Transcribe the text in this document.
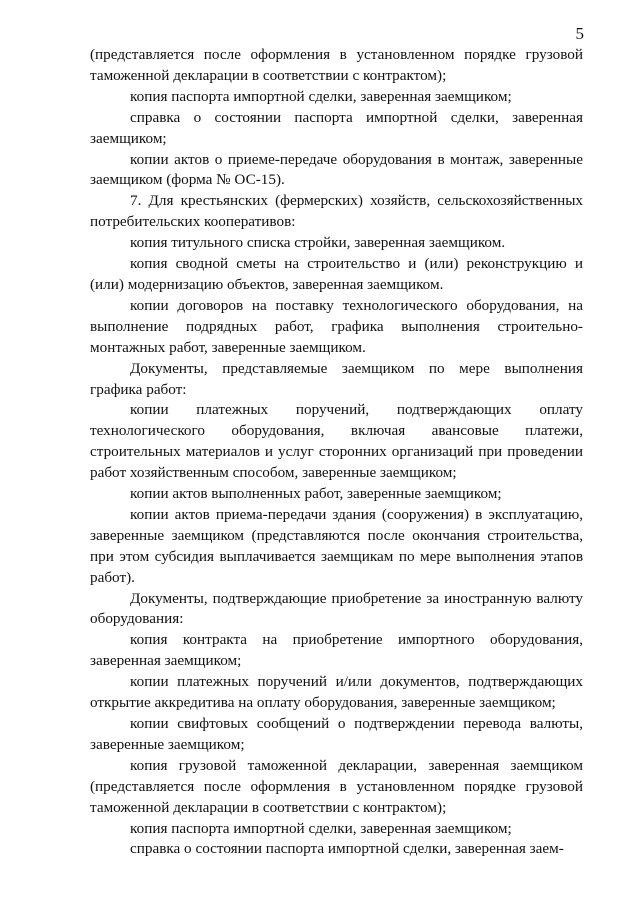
5

(представляется после оформления в установленном порядке грузовой таможенной декларации в соответствии с контрактом);

копия паспорта импортной сделки, заверенная заемщиком;

справка о состоянии паспорта импортной сделки, заверенная заемщиком;

копии актов о приеме-передаче оборудования в монтаж, заверенные заемщиком (форма № ОС-15).

7. Для крестьянских (фермерских) хозяйств, сельскохозяйственных потребительских кооперативов:

копия титульного списка стройки, заверенная заемщиком.

копия сводной сметы на строительство и (или) реконструкцию и (или) модернизацию объектов, заверенная заемщиком.

копии договоров на поставку технологического оборудования, на выполнение подрядных работ, графика выполнения строительно-монтажных работ, заверенные заемщиком.

Документы, представляемые заемщиком по мере выполнения графика работ:

копии платежных поручений, подтверждающих оплату технологического оборудования, включая авансовые платежи, строительных материалов и услуг сторонних организаций при проведении работ хозяйственным способом, заверенные заемщиком;

копии актов выполненных работ, заверенные заемщиком;

копии актов приема-передачи здания (сооружения) в эксплуатацию, заверенные заемщиком (представляются после окончания строительства, при этом субсидия выплачивается заемщикам по мере выполнения этапов работ).

Документы, подтверждающие приобретение за иностранную валюту оборудования:

копия контракта на приобретение импортного оборудования, заверенная заемщиком;

копии платежных поручений и/или документов, подтверждающих открытие аккредитива на оплату оборудования, заверенные заемщиком;

копии свифтовых сообщений о подтверждении перевода валюты, заверенные заемщиком;

копия грузовой таможенной декларации, заверенная заемщиком (представляется после оформления в установленном порядке грузовой таможенной декларации в соответствии с контрактом);

копия паспорта импортной сделки, заверенная заемщиком;

справка о состоянии паспорта импортной сделки, заверенная заем-
